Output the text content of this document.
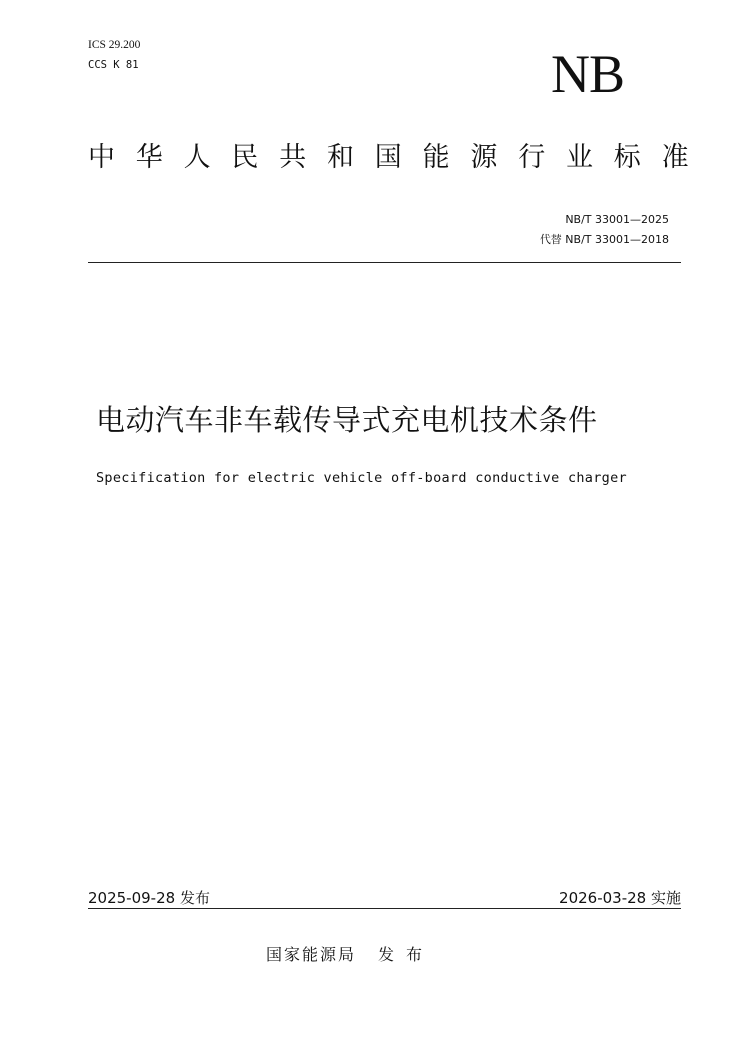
ICS 29.200
CCS K 81	NB
中华人民共和国能源行业标准
NB/T 33001—2025
代替 NB/T 33001—2018
电动汽车非车载传导式充电机技术条件
Specification for electric vehicle off-board conductive charger
2025-09-28 发布	2026-03-28 实施
国家能源局 发布
